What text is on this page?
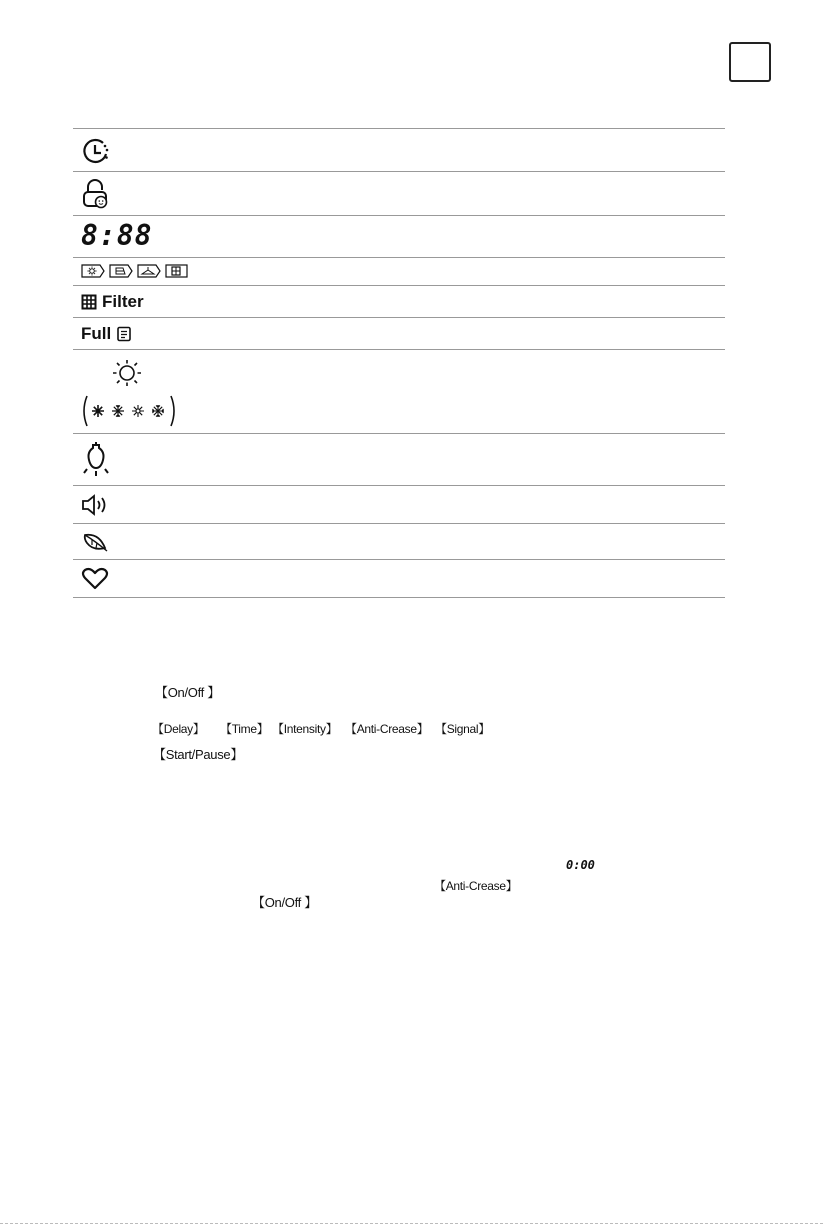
8:88
Filter
Full
【On/Off 】
【Delay】 【Time】 【Intensity】 【Anti-Crease】 【Signal】
【Start/Pause】
0:00
【Anti-Crease】
【On/Off 】
